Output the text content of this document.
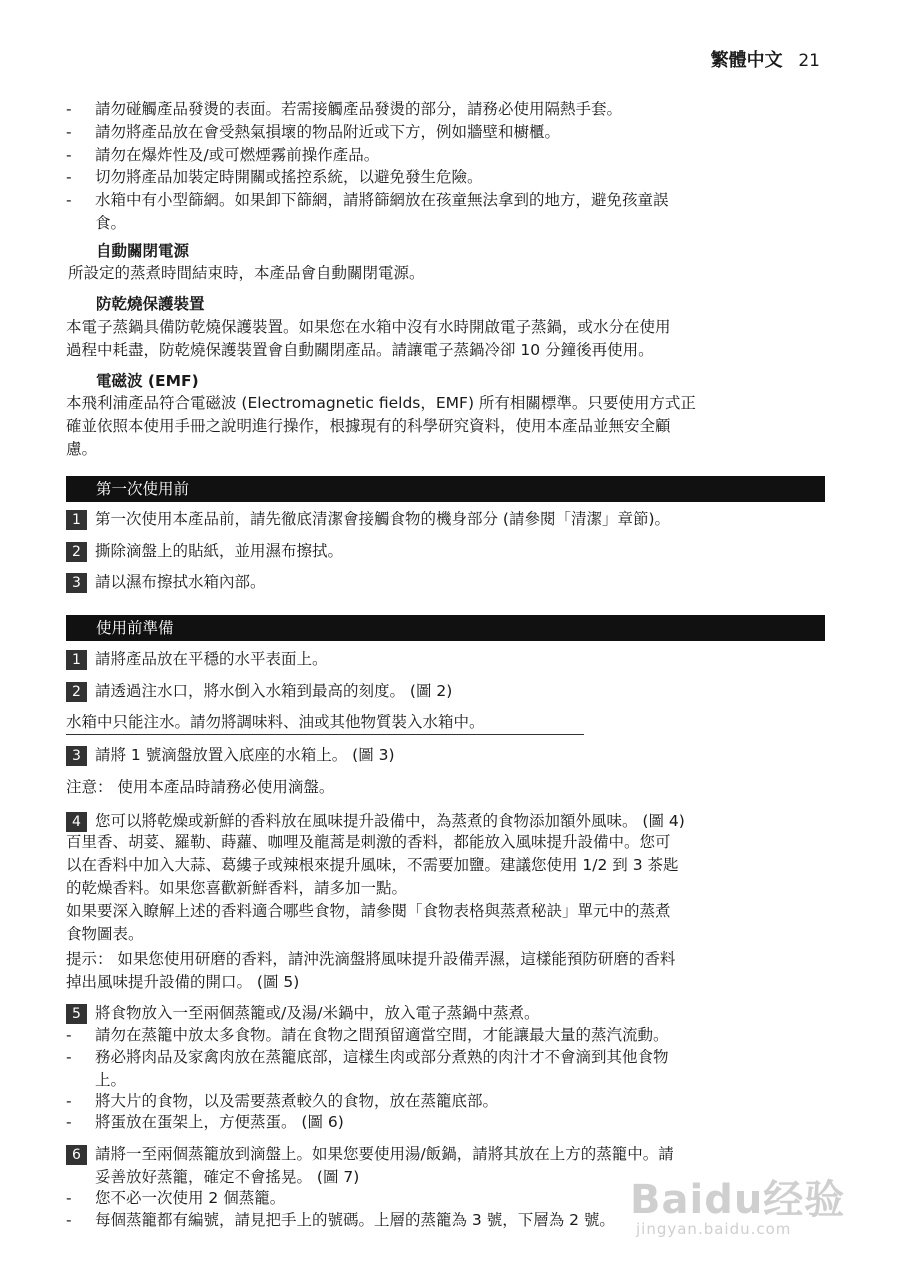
繁體中文 21
-	請勿碰觸產品發燙的表面。若需接觸產品發燙的部分，請務必使用隔熱手套。
-	請勿將產品放在會受熱氣損壞的物品附近或下方，例如牆壁和櫥櫃。
-	請勿在爆炸性及/或可燃煙霧前操作產品。
-	切勿將產品加裝定時開關或搖控系統，以避免發生危險。
-	水箱中有小型篩網。如果卸下篩網，請將篩網放在孩童無法拿到的地方，避免孩童誤
食。
自動關閉電源
所設定的蒸煮時間結束時，本產品會自動關閉電源。
防乾燒保護裝置
本電子蒸鍋具備防乾燒保護裝置。如果您在水箱中沒有水時開啟電子蒸鍋，或水分在使用
過程中耗盡，防乾燒保護裝置會自動關閉產品。請讓電子蒸鍋冷卻 10 分鐘後再使用。
電磁波 (EMF)
本飛利浦產品符合電磁波 (Electromagnetic fields，EMF) 所有相關標準。只要使用方式正
確並依照本使用手冊之說明進行操作，根據現有的科學研究資料，使用本產品並無安全顧
慮。
第一次使用前
1 第一次使用本產品前，請先徹底清潔會接觸食物的機身部分 (請參閱「清潔」章節)。
2 撕除滴盤上的貼紙，並用濕布擦拭。
3 請以濕布擦拭水箱內部。
使用前準備
1 請將產品放在平穩的水平表面上。
2 請透過注水口，將水倒入水箱到最高的刻度。 (圖 2)
水箱中只能注水。請勿將調味料、油或其他物質裝入水箱中。
3 請將 1 號滴盤放置入底座的水箱上。 (圖 3)
注意： 使用本產品時請務必使用滴盤。
4 您可以將乾燥或新鮮的香料放在風味提升設備中，為蒸煮的食物添加額外風味。 (圖 4)
百里香、胡荽、羅勒、蒔蘿、咖哩及龍蒿是刺激的香料，都能放入風味提升設備中。您可
以在香料中加入大蒜、葛縷子或辣根來提升風味，不需要加鹽。建議您使用 1/2 到 3 茶匙
的乾燥香料。如果您喜歡新鮮香料，請多加一點。
如果要深入瞭解上述的香料適合哪些食物，請參閱「食物表格與蒸煮秘訣」單元中的蒸煮
食物圖表。
提示： 如果您使用研磨的香料，請沖洗滴盤將風味提升設備弄濕，這樣能預防研磨的香料
掉出風味提升設備的開口。 (圖 5)
5 將食物放入一至兩個蒸籠或/及湯/米鍋中，放入電子蒸鍋中蒸煮。
-	請勿在蒸籠中放太多食物。請在食物之間預留適當空間，才能讓最大量的蒸汽流動。
-	務必將肉品及家禽肉放在蒸籠底部，這樣生肉或部分煮熟的肉汁才不會滴到其他食物
上。
-	將大片的食物，以及需要蒸煮較久的食物，放在蒸籠底部。
-	將蛋放在蛋架上，方便蒸蛋。 (圖 6)
6 請將一至兩個蒸籠放到滴盤上。如果您要使用湯/飯鍋，請將其放在上方的蒸籠中。請
妥善放好蒸籠，確定不會搖晃。 (圖 7)
-	您不必一次使用 2 個蒸籠。
-	每個蒸籠都有編號，請見把手上的號碼。上層的蒸籠為 3 號，下層為 2 號。 Baidu经验
jingyan.baidu.com
